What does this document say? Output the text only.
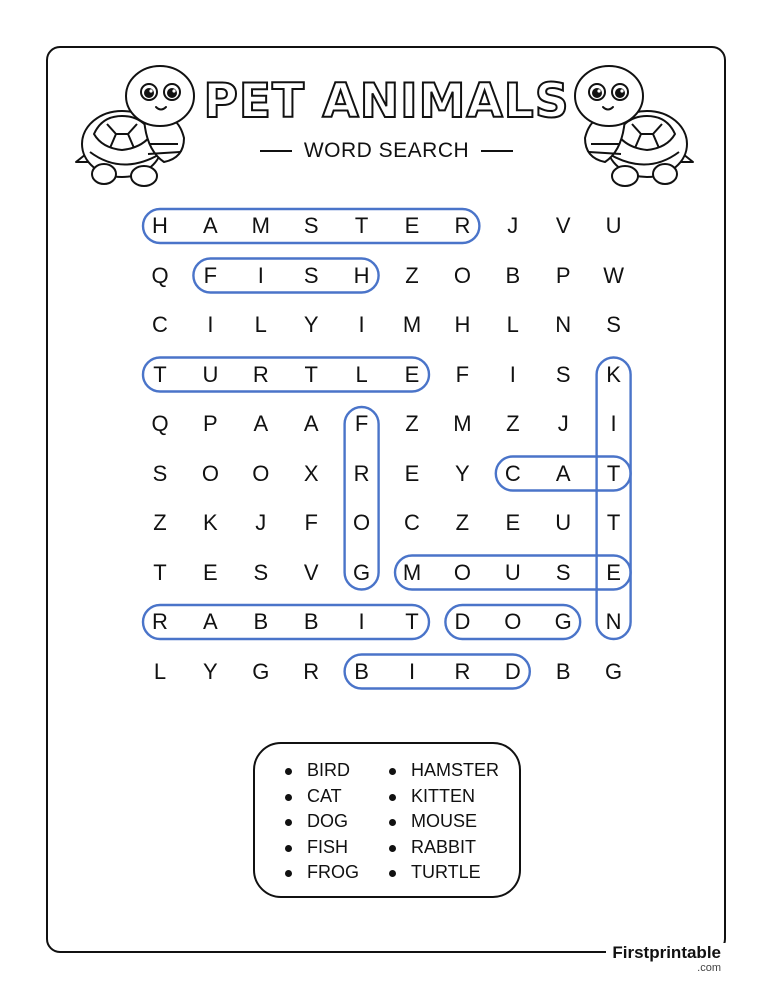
PET ANIMALS
WORD SEARCH
H	A	M	S	T	E	R	J	V	U
Q	F	I	S	H	Z	O	B	P	W
C	I	L	Y	I	M	H	L	N	S
T	U	R	T	L	E	F	I	S	K
Q	P	A	A	F	Z	M	Z	J	I
S	O	O	X	R	E	Y	C	A	T
Z	K	J	F	O	C	Z	E	U	T
T	E	S	V	G	M	O	U	S	E
R	A	B	B	I	T	D	O	G	N
L	Y	G	R	B	I	R	D	B	G
BIRD
CAT
DOG
FISH
FROG
HAMSTER
KITTEN
MOUSE
RABBIT
TURTLE
Firstprintable
.com
